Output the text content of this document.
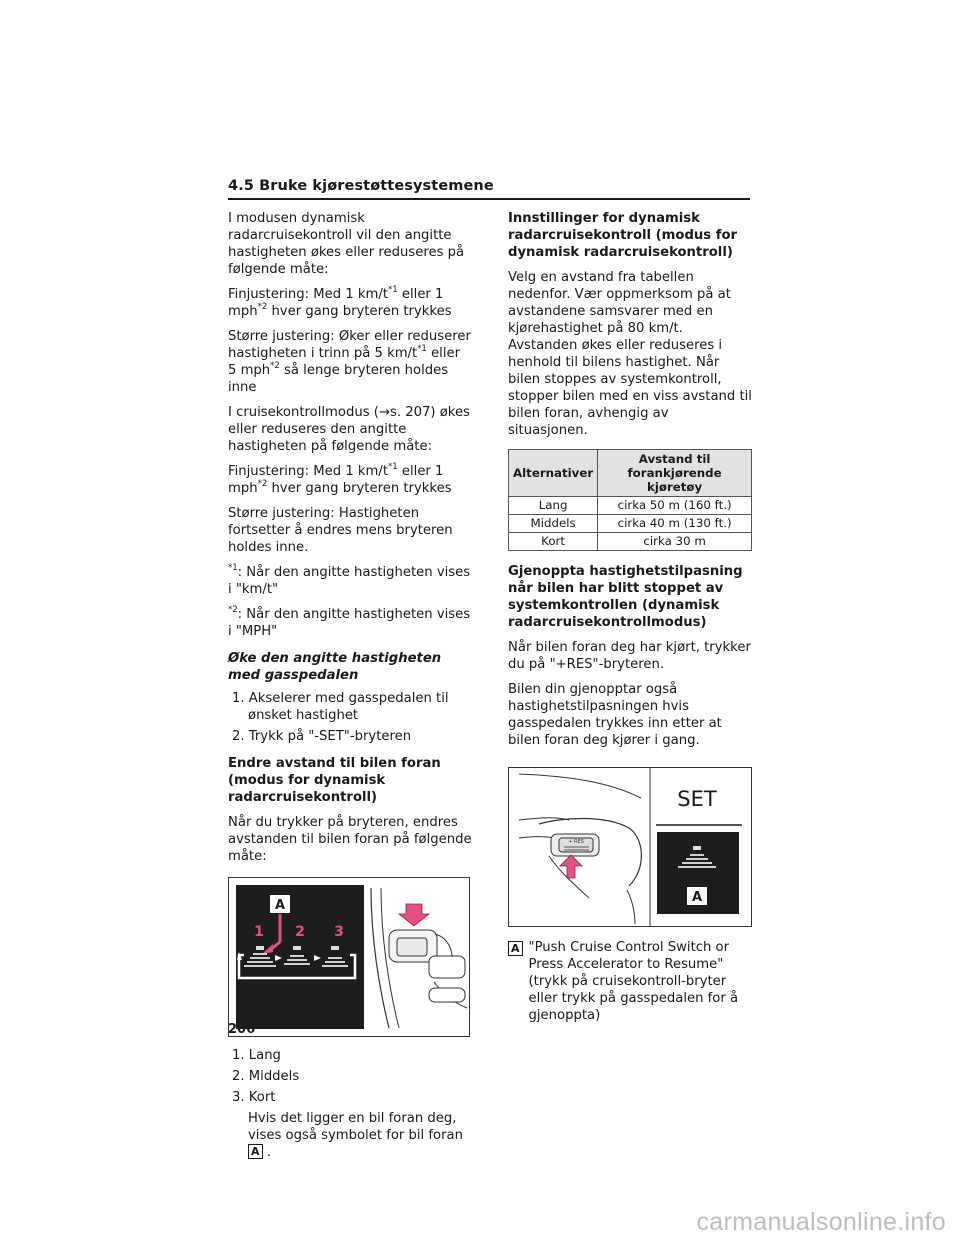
4.5 Bruke kjørestøttesystemene

I modusen dynamisk radarcruisekontroll vil den angitte hastigheten økes eller reduseres på følgende måte:

Finjustering: Med 1 $km/t^{*1}$ eller 1 mph$^{*2}$ hver gang bryteren trykkes

Større justering: Øker eller reduserer hastigheten i trinn på 5 $km/t^{*1}$ eller 5 mph$^{*2}$ så lenge bryteren holdes inne

I cruisekontrollmodus (→s. 207) økes eller reduseres den angitte hastigheten på følgende måte:

Finjustering: Med 1 $km/t^{*1}$ eller 1 mph$^{*2}$ hver gang bryteren trykkes

Større justering: Hastigheten fortsetter å endres mens bryteren holdes inne.

$^{*1}$: Når den angitte hastigheten vises i "km/t"

$^{*2}$: Når den angitte hastigheten vises i "MPH"

Øke den angitte hastigheten med gasspedalen
1. Akselerer med gasspedalen til ønsket hastighet
2. Trykk på "-SET"-bryteren
Endre avstand til bilen foran (modus for dynamisk radarcruisekontroll)

Når du trykker på bryteren, endres avstanden til bilen foran på følgende måte:

A
1 2 3
1. Lang
2. Middels
3. Kort
Hvis det ligger en bil foran deg, vises også symbolet for bil foran A .
Innstillinger for dynamisk radarcruisekontroll (modus for dynamisk radarcruisekontroll)

Velg en avstand fra tabellen nedenfor. Vær oppmerksom på at avstandene samsvarer med en kjørehastighet på 80 km/t. Avstanden økes eller reduseres i henhold til bilens hastighet. Når bilen stoppes av systemkontroll, stopper bilen med en viss avstand til bilen foran, avhengig av situasjonen.

Alternativer	Avstand til forankjørende kjøretøy
Lang	cirka 50 m (160 ft.)
Middels	cirka 40 m (130 ft.)
Kort	cirka 30 m
Gjenoppta hastighetstilpasning når bilen har blitt stoppet av systemkontrollen (dynamisk radarcruisekontrollmodus)

Når bilen foran deg har kjørt, trykker du på "+RES"-bryteren.

Bilen din gjenopptar også hastighetstilpasningen hvis gasspedalen trykkes inn etter at bilen foran deg kjører i gang.

+ RES
SET
A
A "Push Cruise Control Switch or Press Accelerator to Resume" (trykk på cruisekontroll-bryter eller trykk på gasspedalen for å gjenoppta)
206
carmanualsonline.info
